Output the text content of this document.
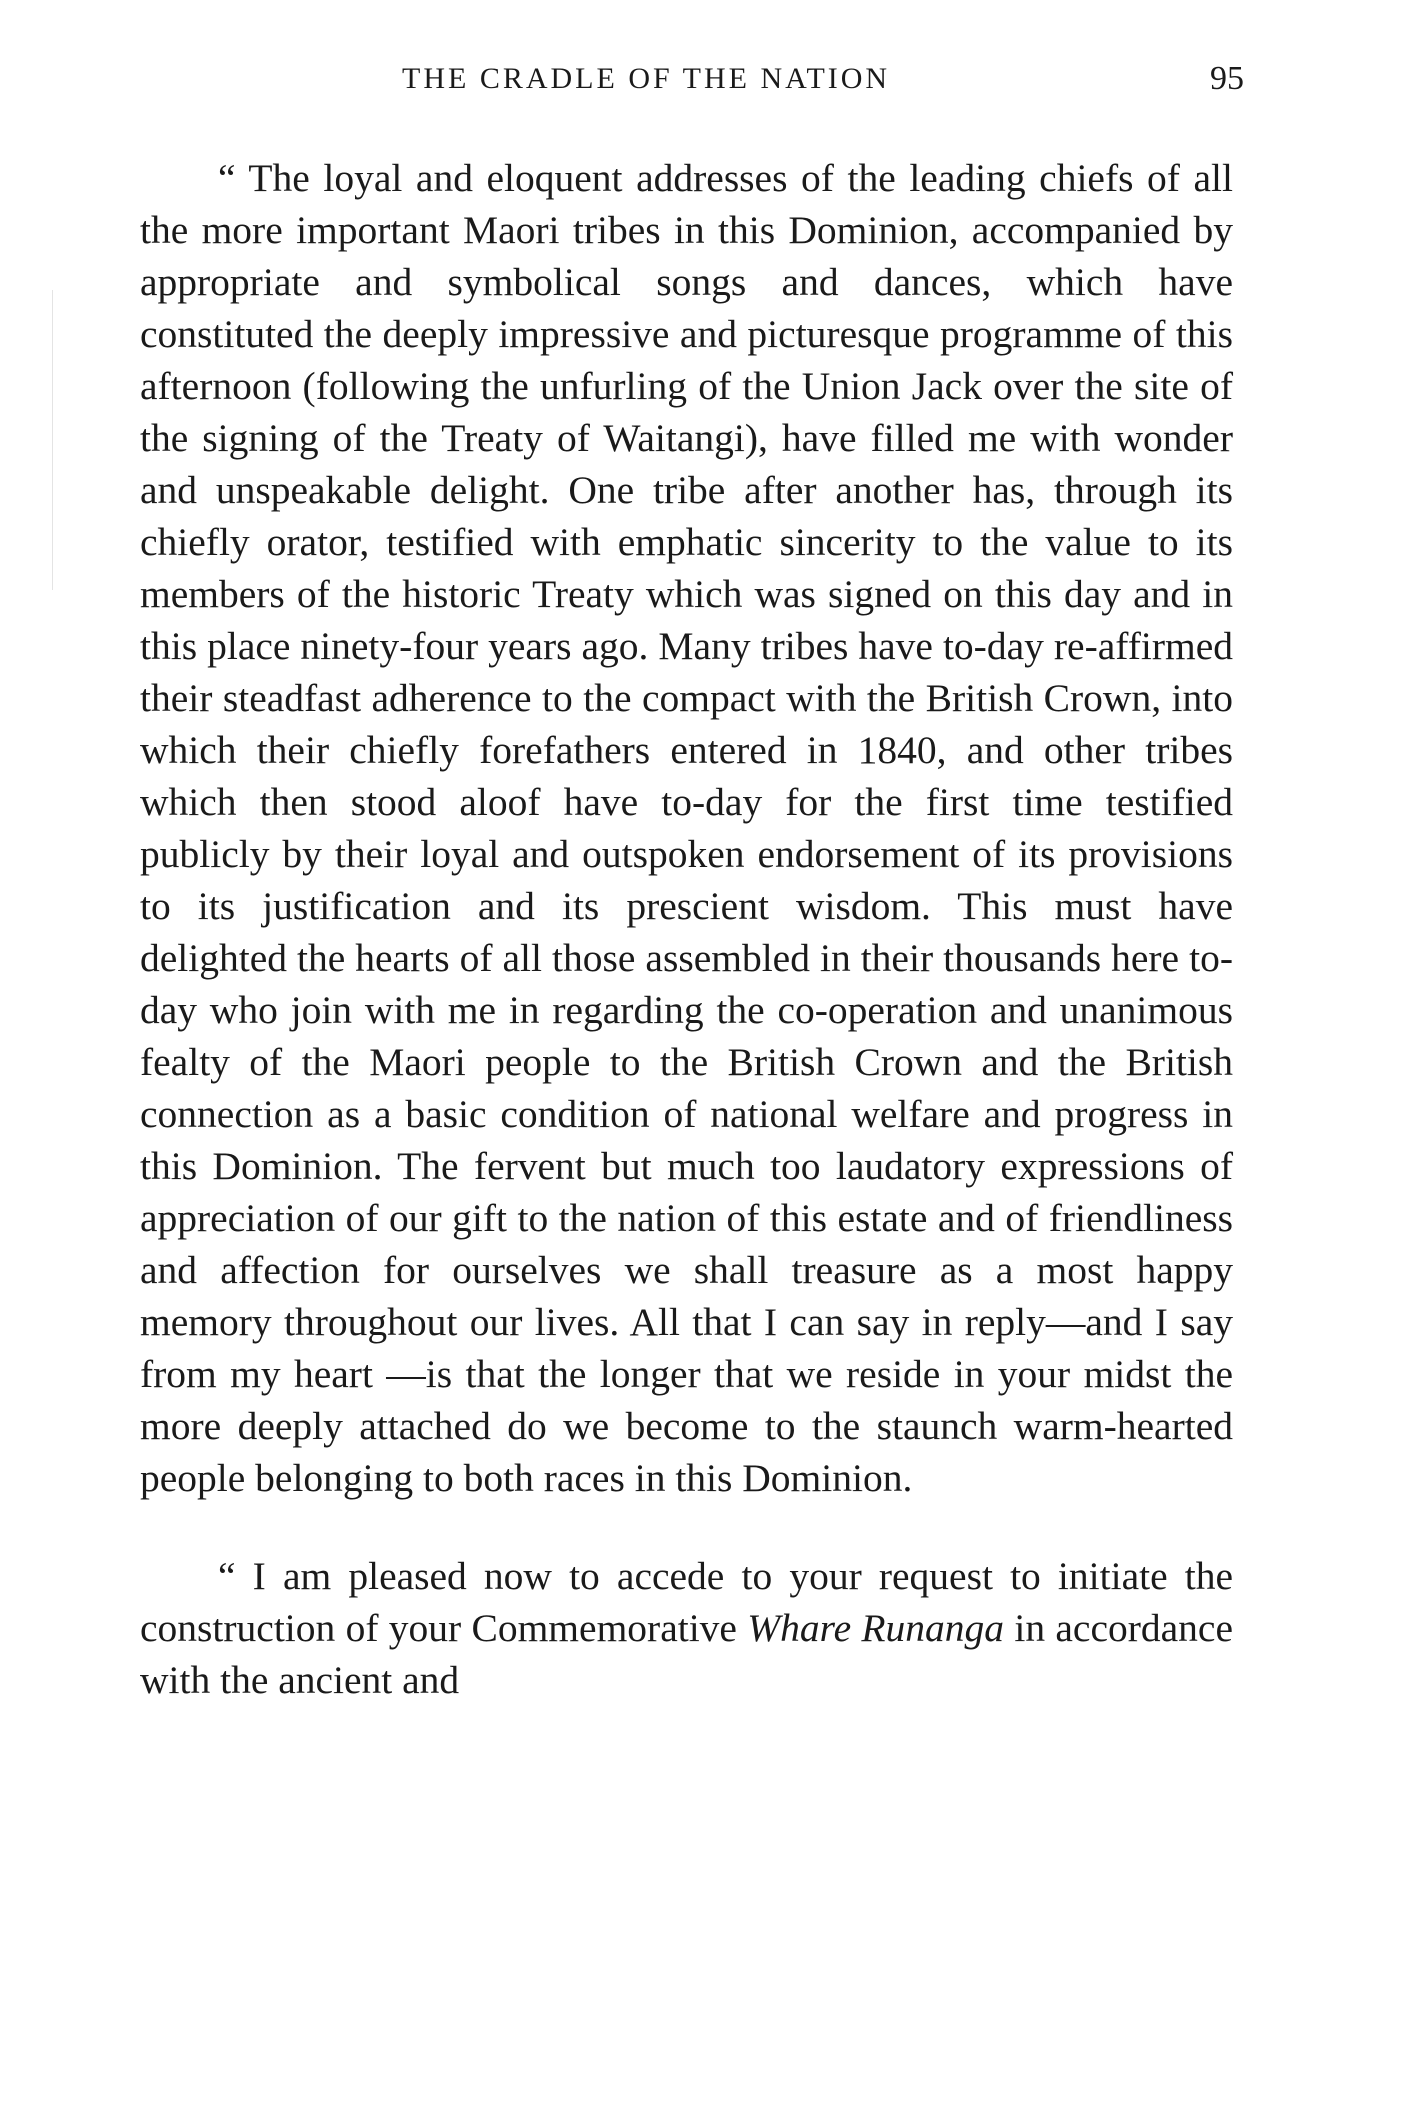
THE CRADLE OF THE NATION	95

“ The loyal and eloquent addresses of the leading chiefs of all the more important Maori tribes in this Dominion, accompanied by appropriate and symbolical songs and dances, which have constituted the deeply impressive and picturesque programme of this afternoon (following the unfurling of the Union Jack over the site of the signing of the Treaty of Waitangi), have filled me with wonder and unspeakable delight. One tribe after another has, through its chiefly orator, testified with emphatic sincerity to the value to its members of the historic Treaty which was signed on this day and in this place ninety-four years ago. Many tribes have to-day re-affirmed their steadfast adherence to the compact with the British Crown, into which their chiefly forefathers entered in 1840, and other tribes which then stood aloof have to-day for the first time testified publicly by their loyal and outspoken endorsement of its provisions to its justification and its prescient wisdom. This must have delighted the hearts of all those assembled in their thousands here to-day who join with me in regarding the co-operation and unanimous fealty of the Maori people to the British Crown and the British connection as a basic condition of national welfare and progress in this Dominion. The fervent but much too laudatory expressions of appreciation of our gift to the nation of this estate and of friendliness and affection for ourselves we shall treasure as a most happy memory throughout our lives. All that I can say in reply—and I say from my heart —is that the longer that we reside in your midst the more deeply attached do we become to the staunch warm-hearted people belonging to both races in this Dominion.

“ I am pleased now to accede to your request to initiate the construction of your Commemorative Whare Runanga in accordance with the ancient and
